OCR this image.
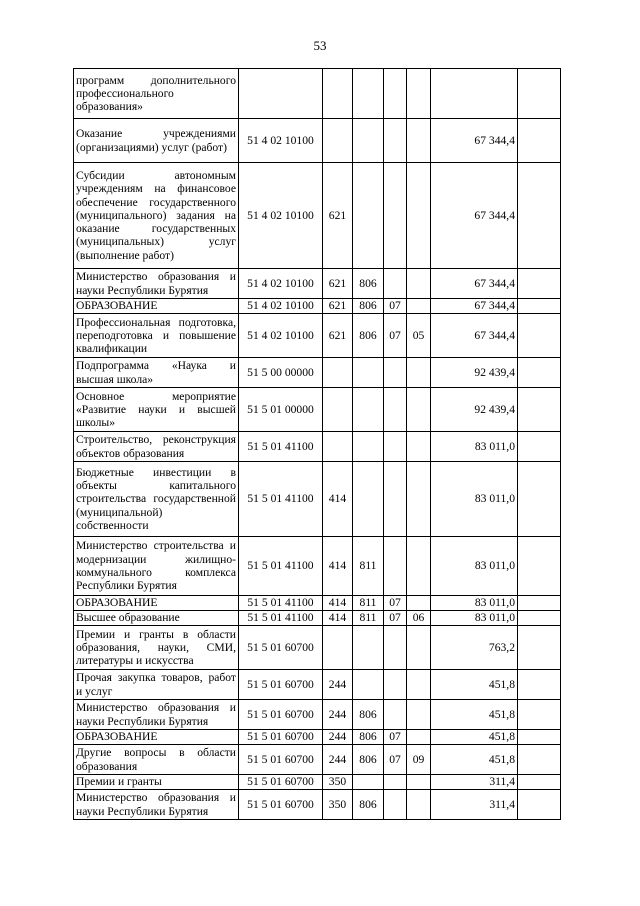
53
программ дополнительного профессионального образования»							
Оказание учреждениями (организациями) услуг (работ)	51 4 02 10100					67 344,4	
Субсидии автономным учреждениям на финансовое обеспечение государственного (муниципального) задания на оказание государственных (муниципальных) услуг (выполнение работ)	51 4 02 10100	621				67 344,4	
Министерство образования и науки Республики Бурятия	51 4 02 10100	621	806			67 344,4	
ОБРАЗОВАНИЕ	51 4 02 10100	621	806	07		67 344,4	
Профессиональная подготовка, переподготовка и повышение квалификации	51 4 02 10100	621	806	07	05	67 344,4	
Подпрограмма «Наука и высшая школа»	51 5 00 00000					92 439,4	
Основное мероприятие «Развитие науки и высшей школы»	51 5 01 00000					92 439,4	
Строительство, реконструкция объектов образования	51 5 01 41100					83 011,0	
Бюджетные инвестиции в объекты капитального строительства государственной (муниципальной) собственности	51 5 01 41100	414				83 011,0	
Министерство строительства и модернизации жилищно-коммунального комплекса Республики Бурятия	51 5 01 41100	414	811			83 011,0	
ОБРАЗОВАНИЕ	51 5 01 41100	414	811	07		83 011,0	
Высшее образование	51 5 01 41100	414	811	07	06	83 011,0	
Премии и гранты в области образования, науки, СМИ, литературы и искусства	51 5 01 60700					763,2	
Прочая закупка товаров, работ и услуг	51 5 01 60700	244				451,8	
Министерство образования и науки Республики Бурятия	51 5 01 60700	244	806			451,8	
ОБРАЗОВАНИЕ	51 5 01 60700	244	806	07		451,8	
Другие вопросы в области образования	51 5 01 60700	244	806	07	09	451,8	
Премии и гранты	51 5 01 60700	350				311,4	
Министерство образования и науки Республики Бурятия	51 5 01 60700	350	806			311,4	
